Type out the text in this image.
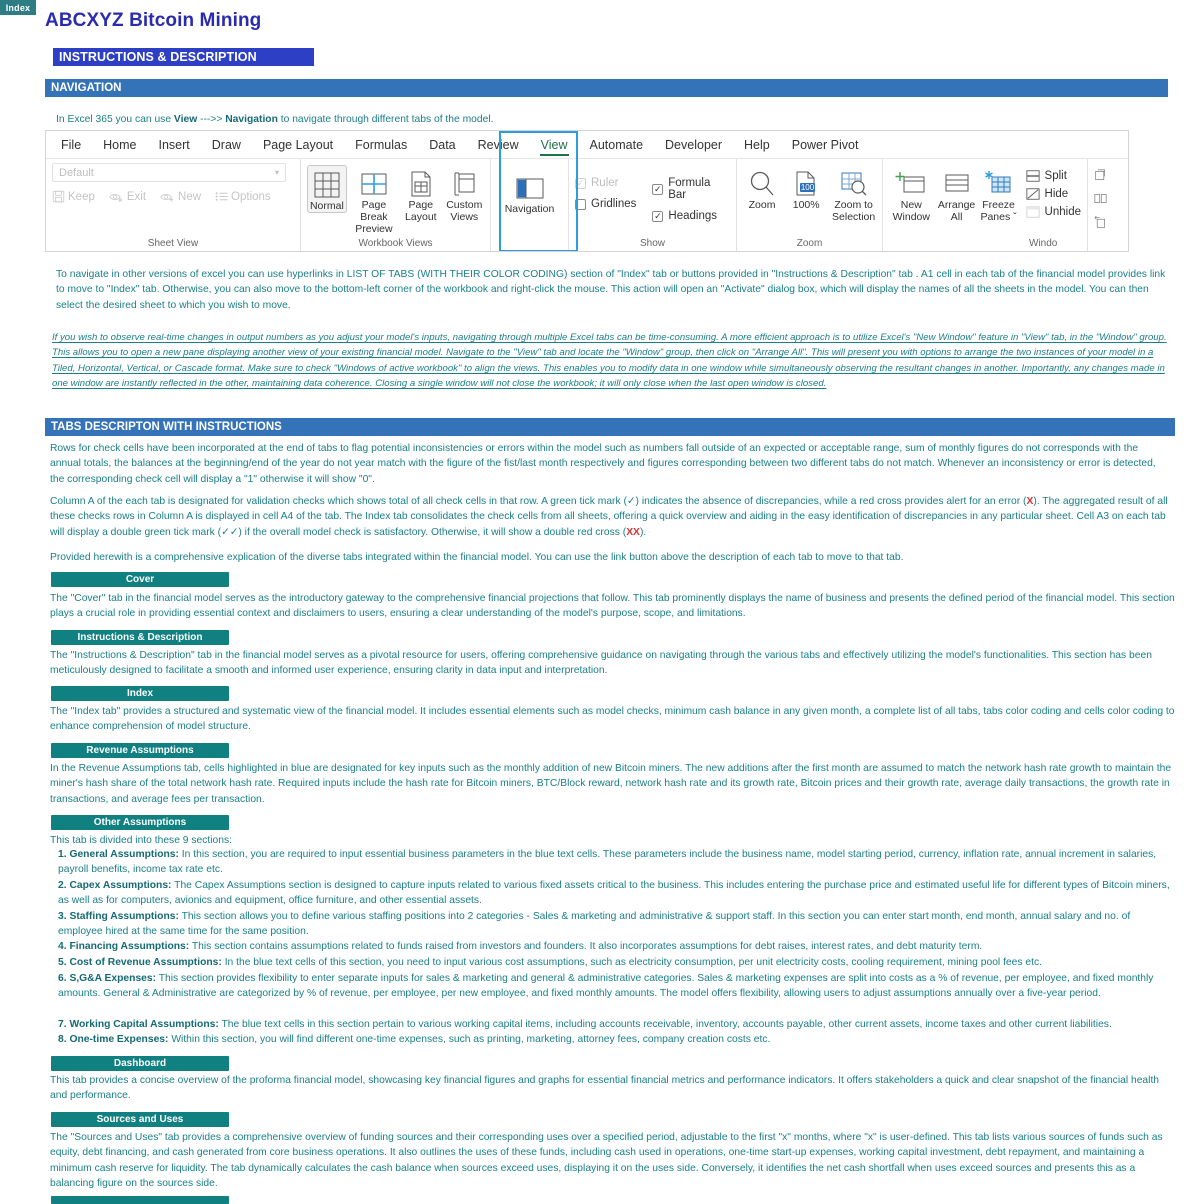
Index
ABCXYZ Bitcoin Mining
INSTRUCTIONS & DESCRIPTION
NAVIGATION
In Excel 365 you can use View --->> Navigation to navigate through different tabs of the model.
File	Home	Insert	Draw	Page Layout	Formulas	Data	Review	View	Automate	Developer	Help	Power Pivot
Default	▾
Keep	Exit	New	Options
Sheet View
Normal	Page Break Preview
Page Layout
Custom Views
Workbook Views
Navigation

✓
Ruler
Gridlines
✓
Formula Bar
✓
Headings
Show
Zoom
100
100% Zoom to Selection
Zoom
New Window
Arrange All
Freeze Panes ˇ
Split
Hide
Unhide
Windo

To navigate in other versions of excel you can use hyperlinks in LIST OF TABS (WITH THEIR COLOR CODING) section of "Index" tab or buttons provided in "Instructions & Description" tab . A1 cell in each tab of the financial model provides link to move to "Index" tab. Otherwise, you can also move to the bottom-left corner of the workbook and right-click the mouse. This action will open an "Activate" dialog box, which will display the names of all the sheets in the model. You can then select the desired sheet to which you wish to move.
If you wish to observe real-time changes in output numbers as you adjust your model's inputs, navigating through multiple Excel tabs can be time-consuming. A more efficient approach is to utilize Excel's "New Window" feature in "View" tab, in the "Window" group. This allows you to open a new pane displaying another view of your existing financial model. Navigate to the "View" tab and locate the "Window" group, then click on "Arrange All". This will present you with options to arrange the two instances of your model in a Tiled, Horizontal, Vertical, or Cascade format. Make sure to check "Windows of active workbook" to align the views. This enables you to modify data in one window while simultaneously observing the resultant changes in another. Importantly, any changes made in one window are instantly reflected in the other, maintaining data coherence. Closing a single window will not close the workbook; it will only close when the last open window is closed.
TABS DESCRIPTON WITH INSTRUCTIONS
Rows for check cells have been incorporated at the end of tabs to flag potential inconsistencies or errors within the model such as numbers fall outside of an expected or acceptable range, sum of monthly figures do not corresponds with the annual totals, the balances at the beginning/end of the year do not year match with the figure of the fist/last month respectively and figures corresponding between two different tabs do not match. Whenever an inconsistency or error is detected, the corresponding check cell will display a "1" otherwise it will show "0".
Column A of the each tab is designated for validation checks which shows total of all check cells in that row. A green tick mark (✓) indicates the absence of discrepancies, while a red cross provides alert for an error (X). The aggregated result of all these checks rows in Column A is displayed in cell A4 of the tab. The Index tab consolidates the check cells from all sheets, offering a quick overview and aiding in the easy identification of discrepancies in any particular sheet. Cell A3 on each tab will display a double green tick mark (✓✓) if the overall model check is satisfactory. Otherwise, it will show a double red cross (XX).
Provided herewith is a comprehensive explication of the diverse tabs integrated within the financial model. You can use the link button above the description of each tab to move to that tab.
Cover
The "Cover" tab in the financial model serves as the introductory gateway to the comprehensive financial projections that follow. This tab prominently displays the name of business and presents the defined period of the financial model. This section plays a crucial role in providing essential context and disclaimers to users, ensuring a clear understanding of the model's purpose, scope, and limitations.
Instructions & Description
The "Instructions & Description" tab in the financial model serves as a pivotal resource for users, offering comprehensive guidance on navigating through the various tabs and effectively utilizing the model's functionalities. This section has been meticulously designed to facilitate a smooth and informed user experience, ensuring clarity in data input and interpretation.
Index
The "Index tab" provides a structured and systematic view of the financial model. It includes essential elements such as model checks, minimum cash balance in any given month, a complete list of all tabs, tabs color coding and cells color coding to enhance comprehension of model structure.
Revenue Assumptions
In the Revenue Assumptions tab, cells highlighted in blue are designated for key inputs such as the monthly addition of new Bitcoin miners. The new additions after the first month are assumed to match the network hash rate growth to maintain the miner's hash share of the total network hash rate. Required inputs include the hash rate for Bitcoin miners, BTC/Block reward, network hash rate and its growth rate, Bitcoin prices and their growth rate, average daily transactions, the growth rate in transactions, and average fees per transaction.
Other Assumptions
This tab is divided into these 9 sections:
1. General Assumptions: In this section, you are required to input essential business parameters in the blue text cells. These parameters include the business name, model starting period, currency, inflation rate, annual increment in salaries, payroll benefits, income tax rate etc.
2. Capex Assumptions: The Capex Assumptions section is designed to capture inputs related to various fixed assets critical to the business. This includes entering the purchase price and estimated useful life for different types of Bitcoin miners, as well as for computers, avionics and equipment, office furniture, and other essential assets.
3. Staffing Assumptions: This section allows you to define various staffing positions into 2 categories - Sales & marketing and administrative & support staff. In this section you can enter start month, end month, annual salary and no. of employee hired at the same time for the same position.
4. Financing Assumptions: This section contains assumptions related to funds raised from investors and founders. It also incorporates assumptions for debt raises, interest rates, and debt maturity term.
5. Cost of Revenue Assumptions: In the blue text cells of this section, you need to input various cost assumptions, such as electricity consumption, per unit electricity costs, cooling requirement, mining pool fees etc.
6. S,G&A Expenses: This section provides flexibility to enter separate inputs for sales & marketing and general & administrative categories. Sales & marketing expenses are split into costs as a % of revenue, per employee, and fixed monthly amounts. General & Administrative are categorized by % of revenue, per employee, per new employee, and fixed monthly amounts. The model offers flexibility, allowing users to adjust assumptions annually over a five-year period.
7. Working Capital Assumptions: The blue text cells in this section pertain to various working capital items, including accounts receivable, inventory, accounts payable, other current assets, income taxes and other current liabilities.
8. One-time Expenses: Within this section, you will find different one-time expenses, such as printing, marketing, attorney fees, company creation costs etc.
Dashboard
This tab provides a concise overview of the proforma financial model, showcasing key financial figures and graphs for essential financial metrics and performance indicators. It offers stakeholders a quick and clear snapshot of the financial health and performance.
Sources and Uses
The "Sources and Uses" tab provides a comprehensive overview of funding sources and their corresponding uses over a specified period, adjustable to the first "x" months, where "x" is user-defined. This tab lists various sources of funds such as equity, debt financing, and cash generated from core business operations. It also outlines the uses of these funds, including cash used in operations, one-time start-up expenses, working capital investment, debt repayment, and maintaining a minimum cash reserve for liquidity. The tab dynamically calculates the cash balance when sources exceed uses, displaying it on the uses side. Conversely, it identifies the net cash shortfall when uses exceed sources and presents this as a balancing figure on the sources side.
